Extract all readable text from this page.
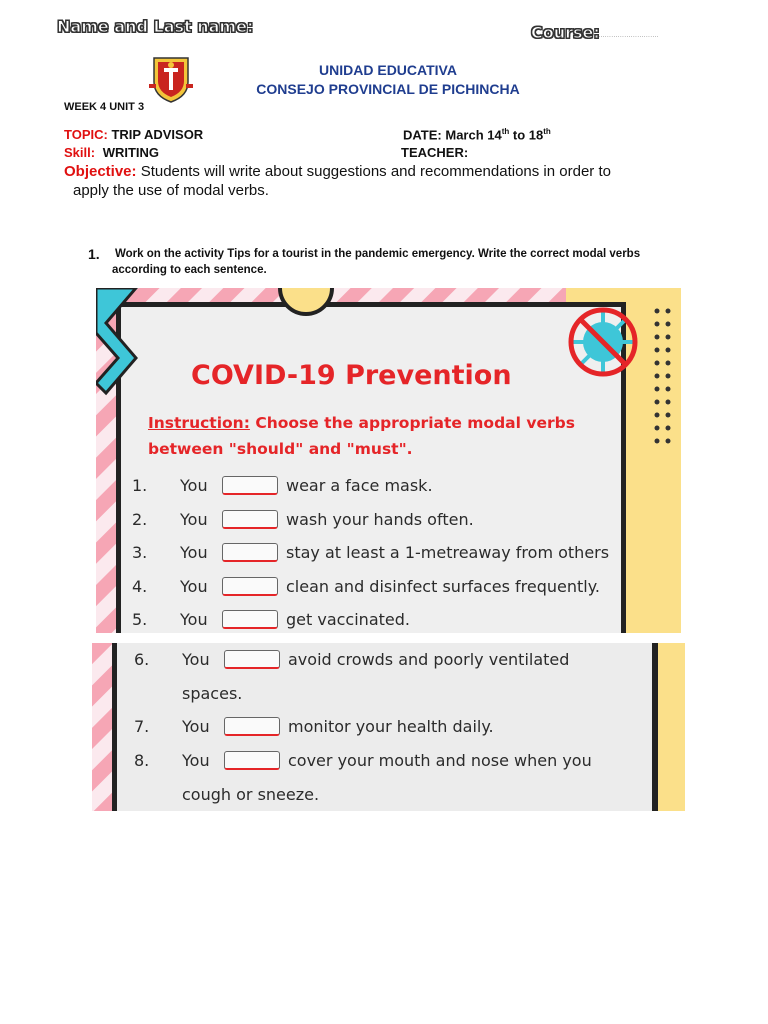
Name and Last name:	Course:
..............................
UNIDAD EDUCATIVA
CONSEJO PROVINCIAL DE PICHINCHA
WEEK 4 UNIT 3
TOPIC: TRIP ADVISOR	DATE: March 14th to 18th
Skill: WRITING	TEACHER:
Objective: Students will write about suggestions and recommendations in order to
apply the use of modal verbs.
1. Work on the activity Tips for a tourist in the pandemic emergency. Write the correct modal verbs
according to each sentence.
COVID-19 Prevention
Instruction: Choose the appropriate modal verbs
between "should" and "must".
1.	You	wear a face mask.
2.	You	wash your hands often.
3.	You	stay at least a 1-metreaway from others
4.	You	clean and disinfect surfaces frequently.
5.	You	get vaccinated.
6.	You	avoid crowds and poorly ventilated
spaces.
7.	You	monitor your health daily.
8.	You	cover your mouth and nose when you
cough or sneeze.
